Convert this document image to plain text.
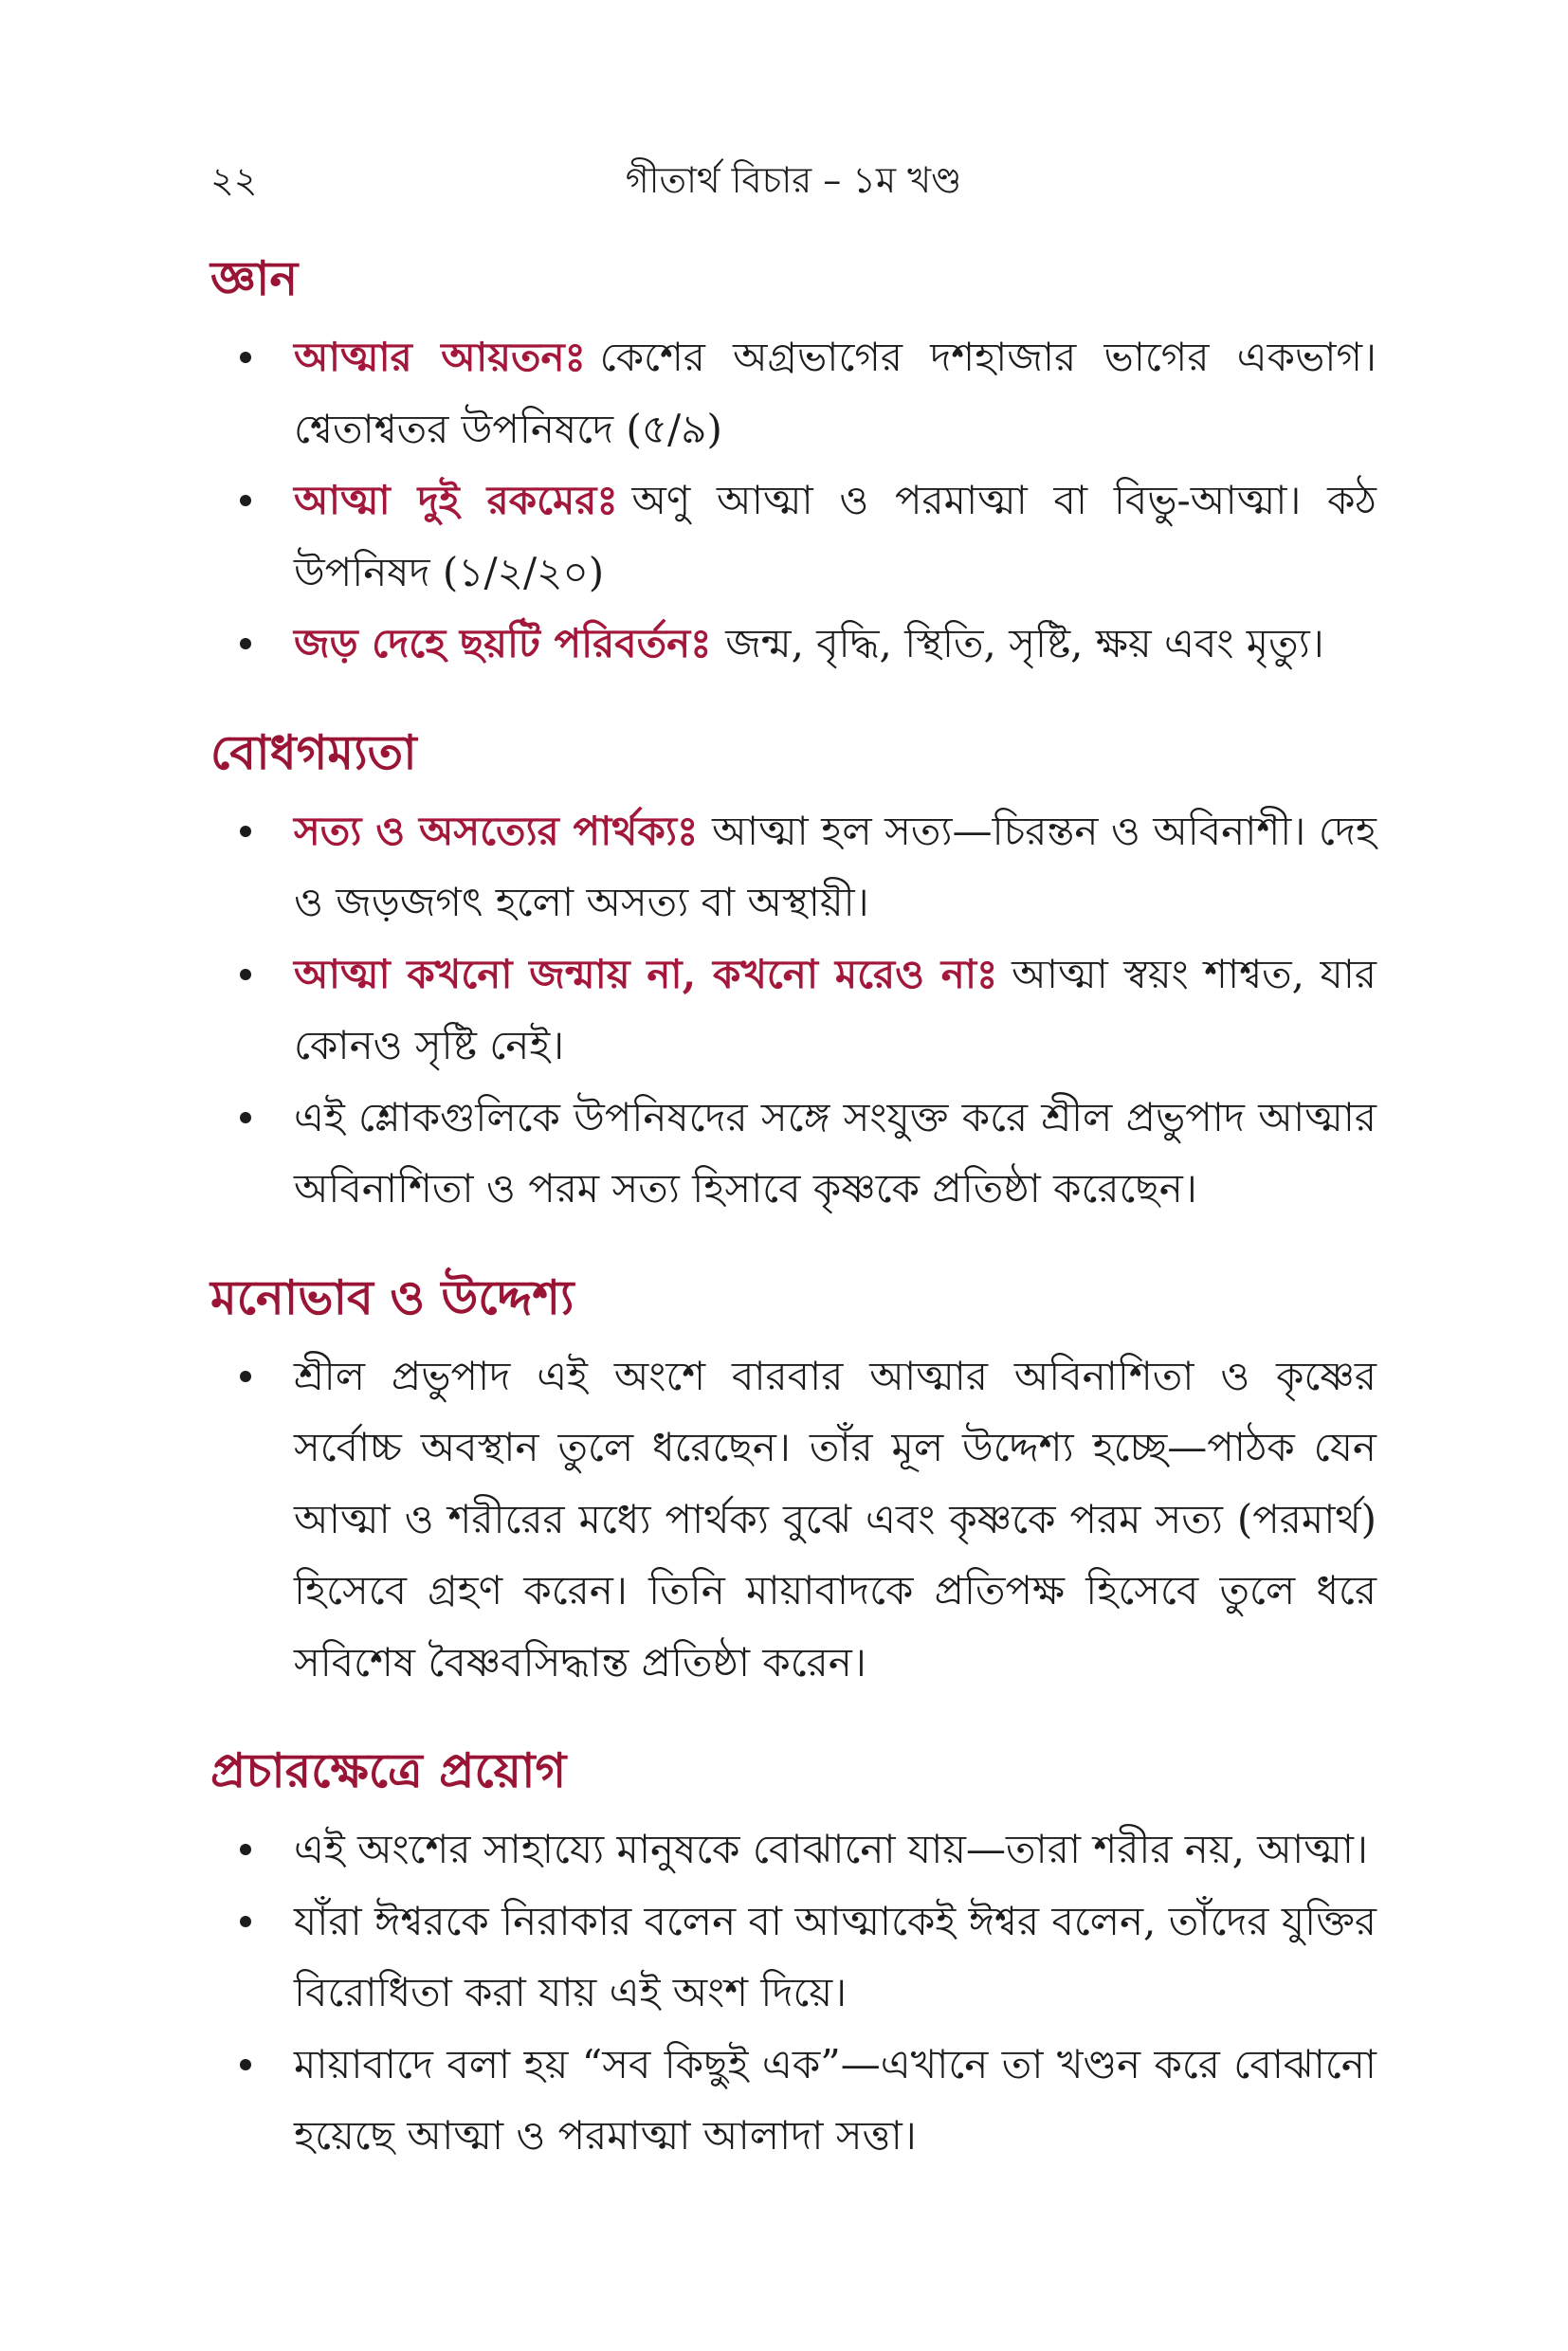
২২	গীতার্থ বিচার – ১ম খণ্ড
জ্ঞান
আত্মার আয়তনঃ কেশের অগ্রভাগের দশহাজার ভাগের একভাগ। শ্বেতাশ্বতর উপনিষদে (৫/৯)
আত্মা দুই রকমেরঃ অণু আত্মা ও পরমাত্মা বা বিভু-আত্মা। কঠ উপনিষদ (১/২/২০)
জড় দেহে ছয়টি পরিবর্তনঃ জন্ম, বৃদ্ধি, স্থিতি, সৃষ্টি, ক্ষয় এবং মৃত্যু।
বোধগম্যতা
সত্য ও অসত্যের পার্থক্যঃ আত্মা হল সত্য—চিরন্তন ও অবিনাশী। দেহ ও জড়জগৎ হলো অসত্য বা অস্থায়ী।
আত্মা কখনো জন্মায় না, কখনো মরেও নাঃ আত্মা স্বয়ং শাশ্বত, যার কোনও সৃষ্টি নেই।
এই শ্লোকগুলিকে উপনিষদের সঙ্গে সংযুক্ত করে শ্রীল প্রভুপাদ আত্মার অবিনাশিতা ও পরম সত্য হিসাবে কৃষ্ণকে প্রতিষ্ঠা করেছেন।
মনোভাব ও উদ্দেশ্য
শ্রীল প্রভুপাদ এই অংশে বারবার আত্মার অবিনাশিতা ও কৃষ্ণের সর্বোচ্চ অবস্থান তুলে ধরেছেন। তাঁর মূল উদ্দেশ্য হচ্ছে—পাঠক যেন আত্মা ও শরীরের মধ্যে পার্থক্য বুঝে এবং কৃষ্ণকে পরম সত্য (পরমার্থ) হিসেবে গ্রহণ করেন। তিনি মায়াবাদকে প্রতিপক্ষ হিসেবে তুলে ধরে সবিশেষ বৈষ্ণবসিদ্ধান্ত প্রতিষ্ঠা করেন।
প্রচারক্ষেত্রে প্রয়োগ
এই অংশের সাহায্যে মানুষকে বোঝানো যায়—তারা শরীর নয়, আত্মা।
যাঁরা ঈশ্বরকে নিরাকার বলেন বা আত্মাকেই ঈশ্বর বলেন, তাঁদের যুক্তির বিরোধিতা করা যায় এই অংশ দিয়ে।
মায়াবাদে বলা হয় “সব কিছুই এক”—এখানে তা খণ্ডন করে বোঝানো হয়েছে আত্মা ও পরমাত্মা আলাদা সত্তা।
